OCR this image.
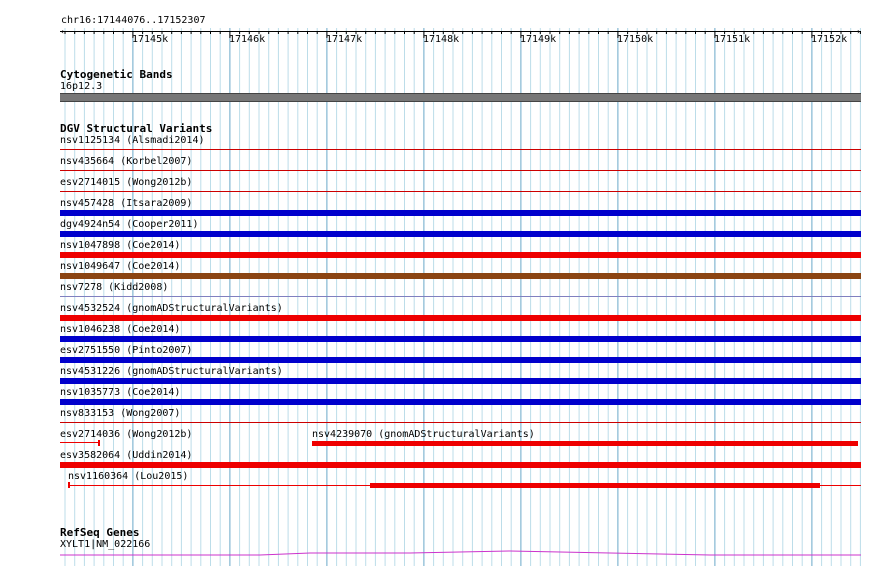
chr16:17144076..17152307
‹	›
17145k	17146k	17147k	17148k	17149k	17150k	17151k	17152k
Cytogenetic Bands
16p12.3
DGV Structural Variants
nsv1125134 (Alsmadi2014)
nsv435664 (Korbel2007)
esv2714015 (Wong2012b)
nsv457428 (Itsara2009)
dgv4924n54 (Cooper2011)
nsv1047898 (Coe2014)
nsv1049647 (Coe2014)
nsv7278 (Kidd2008)
nsv4532524 (gnomADStructuralVariants)
nsv1046238 (Coe2014)
esv2751550 (Pinto2007)
nsv4531226 (gnomADStructuralVariants)
nsv1035773 (Coe2014)
nsv833153 (Wong2007)
esv2714036 (Wong2012b)	nsv4239070 (gnomADStructuralVariants)
esv3582064 (Uddin2014)
nsv1160364 (Lou2015)
RefSeq Genes
XYLT1|NM_022166
